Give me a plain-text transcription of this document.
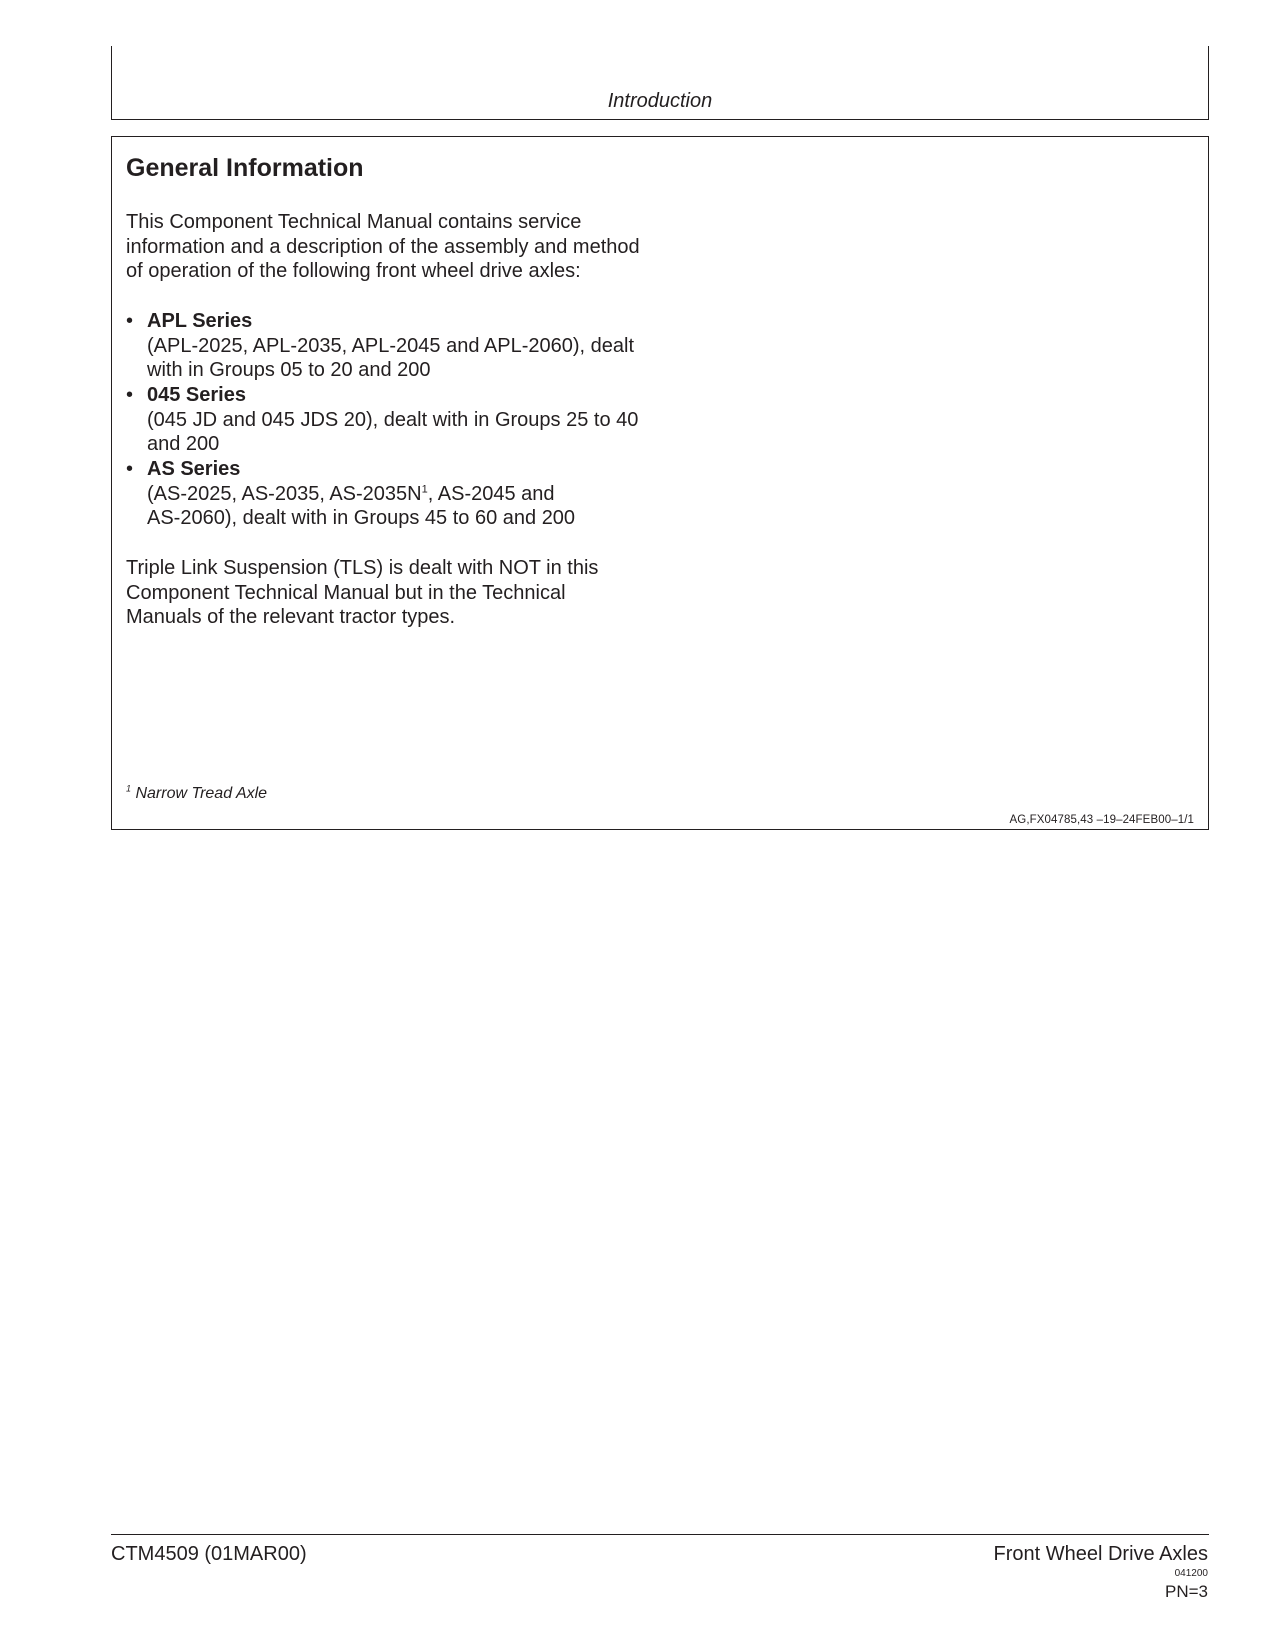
Introduction
General Information

This Component Technical Manual contains service

information and a description of the assembly and method

of operation of the following front wheel drive axles:

• APL Series

(APL-2025, APL-2035, APL-2045 and APL-2060), dealt

with in Groups 05 to 20 and 200

• 045 Series

(045 JD and 045 JDS 20), dealt with in Groups 25 to 40

and 200

• AS Series

(AS-2025, AS-2035, $AS-2035N^1$, AS-2045 and

AS-2060), dealt with in Groups 45 to 60 and 200

Triple Link Suspension (TLS) is dealt with NOT in this

Component Technical Manual but in the Technical

Manuals of the relevant tractor types.

$^1$ Narrow Tread Axle
AG,FX04785,43 –19–24FEB00–1/1
CTM4509 (01MAR00)	Front Wheel Drive Axles
041200
PN=3
